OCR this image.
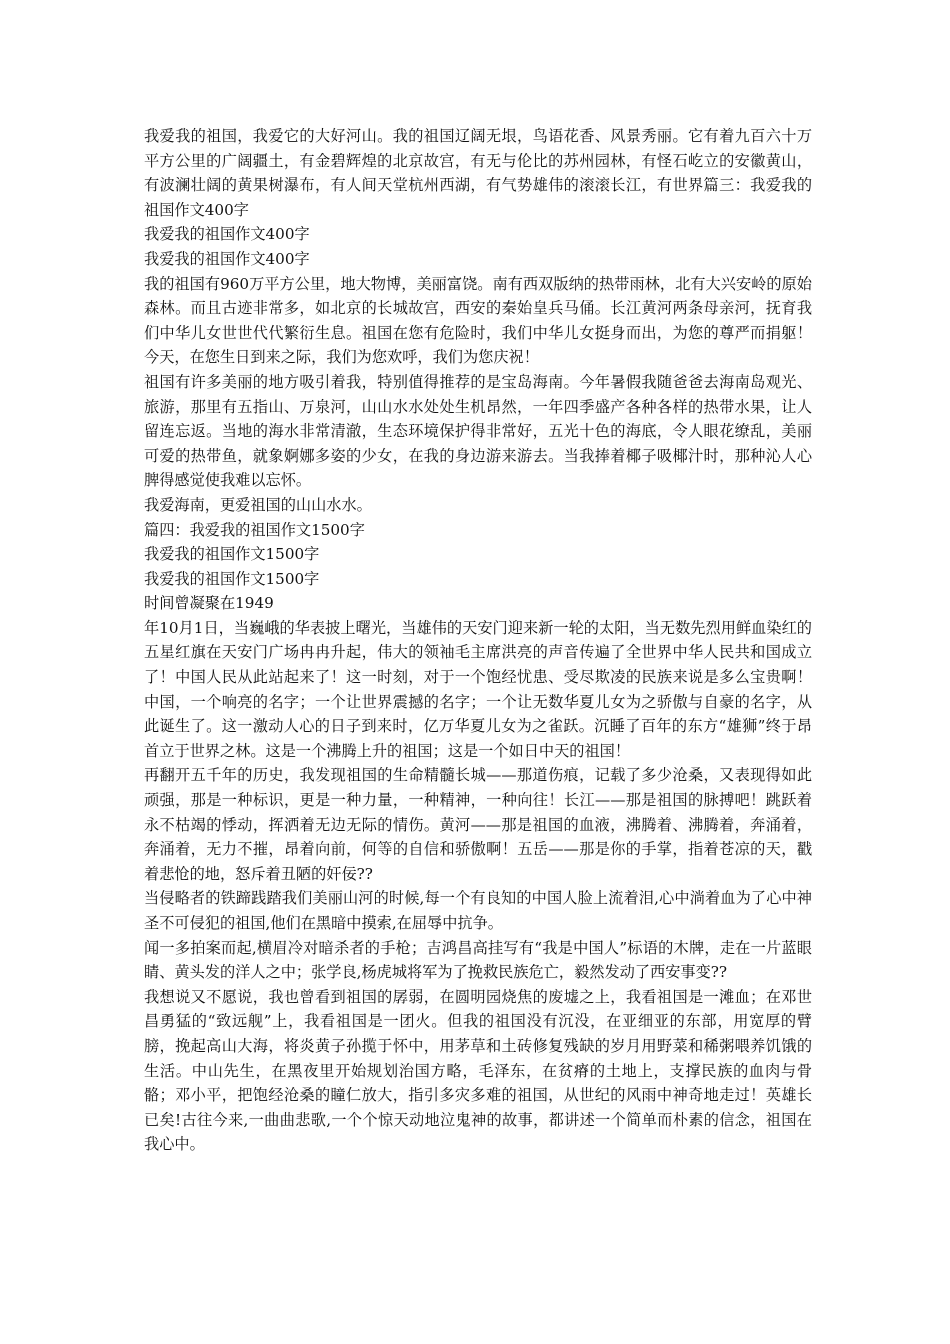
我爱我的祖国，我爱它的大好河山。我的祖国辽阔无垠，鸟语花香、风景秀丽。它有着九百六十万平方公里的广阔疆土，有金碧辉煌的北京故宫，有无与伦比的苏州园林，有怪石屹立的安徽黄山，有波澜壮阔的黄果树瀑布，有人间天堂杭州西湖，有气势雄伟的滚滚长江，有世界篇三：我爱我的祖国作文400字

我爱我的祖国作文400字

我爱我的祖国作文400字

我的祖国有960万平方公里，地大物博，美丽富饶。南有西双版纳的热带雨林，北有大兴安岭的原始森林。而且古迹非常多，如北京的长城故宫，西安的秦始皇兵马俑。长江黄河两条母亲河，抚育我们中华儿女世世代代繁衍生息。祖国在您有危险时，我们中华儿女挺身而出，为您的尊严而捐躯！今天，在您生日到来之际，我们为您欢呼，我们为您庆祝！

祖国有许多美丽的地方吸引着我，特别值得推荐的是宝岛海南。今年暑假我随爸爸去海南岛观光、旅游，那里有五指山、万泉河，山山水水处处生机昂然，一年四季盛产各种各样的热带水果，让人留连忘返。当地的海水非常清澈，生态环境保护得非常好，五光十色的海底，令人眼花缭乱，美丽可爱的热带鱼，就象婀娜多姿的少女，在我的身边游来游去。当我捧着椰子吸椰汁时，那种沁人心脾得感觉使我难以忘怀。

我爱海南，更爱祖国的山山水水。

篇四：我爱我的祖国作文1500字

我爱我的祖国作文1500字

我爱我的祖国作文1500字

时间曾凝聚在1949

年10月1日，当巍峨的华表披上曙光，当雄伟的天安门迎来新一轮的太阳，当无数先烈用鲜血染红的五星红旗在天安门广场冉冉升起，伟大的领袖毛主席洪亮的声音传遍了全世界中华人民共和国成立了！中国人民从此站起来了！这一时刻，对于一个饱经忧患、受尽欺凌的民族来说是多么宝贵啊！中国，一个响亮的名字；一个让世界震撼的名字；一个让无数华夏儿女为之骄傲与自豪的名字，从此诞生了。这一激动人心的日子到来时，亿万华夏儿女为之雀跃。沉睡了百年的东方“雄狮”终于昂首立于世界之林。这是一个沸腾上升的祖国；这是一个如日中天的祖国！

再翻开五千年的历史，我发现祖国的生命精髓长城——那道伤痕，记载了多少沧桑，又表现得如此顽强，那是一种标识，更是一种力量，一种精神，一种向往！长江——那是祖国的脉搏吧！跳跃着永不枯竭的悸动，挥洒着无边无际的情伤。黄河——那是祖国的血液，沸腾着、沸腾着，奔涌着，奔涌着，无力不摧，昂着向前，何等的自信和骄傲啊！五岳——那是你的手掌，指着苍凉的天，戳着悲怆的地，怒斥着丑陋的奸佞??

当侵略者的铁蹄践踏我们美丽山河的时候,每一个有良知的中国人脸上流着泪,心中淌着血为了心中神圣不可侵犯的祖国,他们在黑暗中摸索,在屈辱中抗争。

闻一多拍案而起,横眉冷对暗杀者的手枪；吉鸿昌高挂写有“我是中国人”标语的木牌，走在一片蓝眼睛、黄头发的洋人之中；张学良,杨虎城将军为了挽救民族危亡，毅然发动了西安事变??

我想说又不愿说，我也曾看到祖国的孱弱，在圆明园烧焦的废墟之上，我看祖国是一滩血；在邓世昌勇猛的“致远舰”上，我看祖国是一团火。但我的祖国没有沉没，在亚细亚的东部，用宽厚的臂膀，挽起高山大海，将炎黄子孙揽于怀中，用茅草和土砖修复残缺的岁月用野菜和稀粥喂养饥饿的生活。中山先生，在黑夜里开始规划治国方略，毛泽东，在贫瘠的土地上，支撑民族的血肉与骨骼；邓小平，把饱经沧桑的瞳仁放大，指引多灾多难的祖国，从世纪的风雨中神奇地走过！英雄长已矣!古往今来,一曲曲悲歌,一个个惊天动地泣鬼神的故事，都讲述一个简单而朴素的信念，祖国在我心中。
